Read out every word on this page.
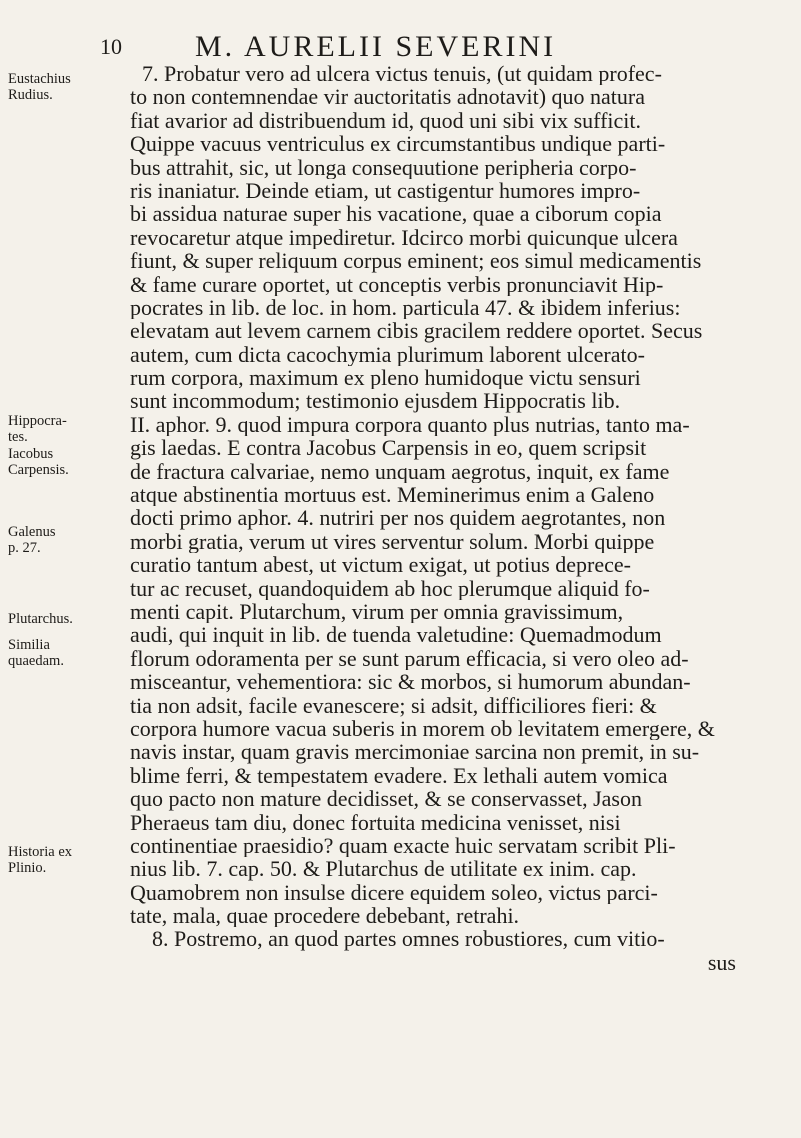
10 M. AURELII SEVERINI
Eustachius
Rudius.
Hippocra-
tes.
Iacobus
Carpensis.
Galenus
p. 27.
Plutarchus.
Similia
quaedam.
Historia ex
Plinio.
7. Probatur vero ad ulcera victus tenuis, (ut quidam profec-
to non contemnendae vir auctoritatis adnotavit) quo natura
fiat avarior ad distribuendum id, quod uni sibi vix sufficit.
Quippe vacuus ventriculus ex circumstantibus undique parti-
bus attrahit, sic, ut longa consequutione peripheria corpo-
ris inaniatur. Deinde etiam, ut castigentur humores impro-
bi assidua naturae super his vacatione, quae a ciborum copia
revocaretur atque impediretur. Idcirco morbi quicunque ulcera
fiunt, & super reliquum corpus eminent; eos simul medicamentis
& fame curare oportet, ut conceptis verbis pronunciavit Hip-
pocrates in lib. de loc. in hom. particula 47. & ibidem inferius:
elevatam aut levem carnem cibis gracilem reddere oportet. Secus
autem, cum dicta cacochymia plurimum laborent ulcerato-
rum corpora, maximum ex pleno humidoque victu sensuri
sunt incommodum; testimonio ejusdem Hippocratis lib.
II. aphor. 9. quod impura corpora quanto plus nutrias, tanto ma-
gis laedas. E contra Jacobus Carpensis in eo, quem scripsit
de fractura calvariae, nemo unquam aegrotus, inquit, ex fame
atque abstinentia mortuus est. Meminerimus enim a Galeno
docti primo aphor. 4. nutriri per nos quidem aegrotantes, non
morbi gratia, verum ut vires serventur solum. Morbi quippe
curatio tantum abest, ut victum exigat, ut potius deprece-
tur ac recuset, quandoquidem ab hoc plerumque aliquid fo-
menti capit. Plutarchum, virum per omnia gravissimum,
audi, qui inquit in lib. de tuenda valetudine: Quemadmodum
florum odoramenta per se sunt parum efficacia, si vero oleo ad-
misceantur, vehementiora: sic & morbos, si humorum abundan-
tia non adsit, facile evanescere; si adsit, difficiliores fieri: &
corpora humore vacua suberis in morem ob levitatem emergere, &
navis instar, quam gravis mercimoniae sarcina non premit, in su-
blime ferri, & tempestatem evadere. Ex lethali autem vomica
quo pacto non mature decidisset, & se conservasset, Jason
Pheraeus tam diu, donec fortuita medicina venisset, nisi
continentiae praesidio? quam exacte huic servatam scribit Pli-
nius lib. 7. cap. 50. & Plutarchus de utilitate ex inim. cap.
Quamobrem non insulse dicere equidem soleo, victus parci-
tate, mala, quae procedere debebant, retrahi.
8. Postremo, an quod partes omnes robustiores, cum vitio-
sus
